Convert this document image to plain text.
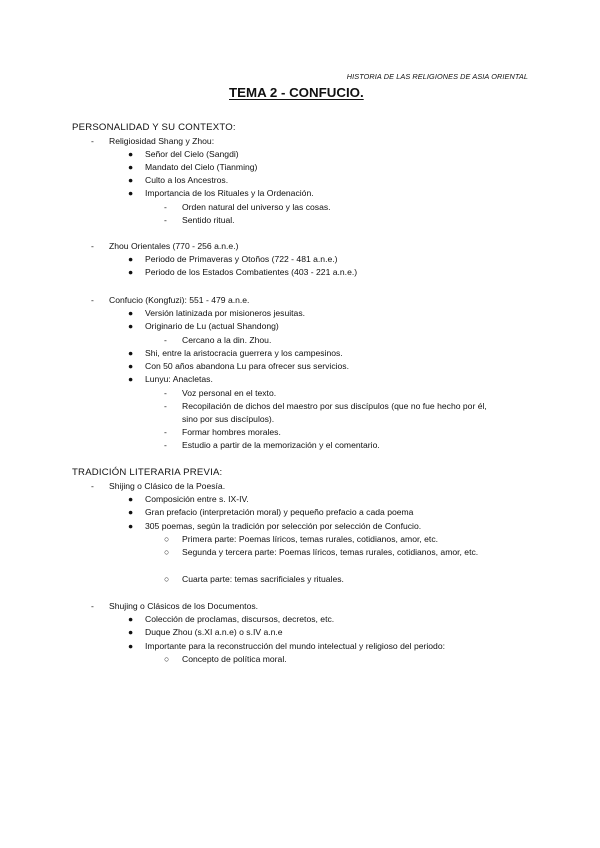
HISTORIA DE LAS RELIGIONES DE ASIA ORIENTAL
TEMA 2 - CONFUCIO.
PERSONALIDAD Y SU CONTEXTO:
- Religiosidad Shang y Zhou:
● Señor del Cielo (Sangdi)
● Mandato del Cielo (Tianming)
● Culto a los Ancestros.
● Importancia de los Rituales y la Ordenación.
- Orden natural del universo y las cosas.
- Sentido ritual.
- Zhou Orientales (770 - 256 a.n.e.)
● Periodo de Primaveras y Otoños (722 - 481 a.n.e.)
● Periodo de los Estados Combatientes (403 - 221 a.n.e.)
- Confucio (Kongfuzi): 551 - 479 a.n.e.
● Versión latinizada por misioneros jesuitas.
● Originario de Lu (actual Shandong)
- Cercano a la din. Zhou.
● Shi, entre la aristocracia guerrera y los campesinos.
● Con 50 años abandona Lu para ofrecer sus servicios.
● Lunyu: Anacletas.
- Voz personal en el texto.
- Recopilación de dichos del maestro por sus discípulos (que no fue hecho por él, sino por sus discípulos).
- Formar hombres morales.
- Estudio a partir de la memorización y el comentario.
TRADICIÓN LITERARIA PREVIA:
- Shijing o Clásico de la Poesía.
● Composición entre s. IX-IV.
● Gran prefacio (interpretación moral) y pequeño prefacio a cada poema
● 305 poemas, según la tradición por selección por selección de Confucio.
○ Primera parte: Poemas líricos, temas rurales, cotidianos, amor, etc.
○ Segunda y tercera parte: Poemas líricos, temas rurales, cotidianos, amor, etc.
○ Cuarta parte: temas sacrificiales y rituales.
- Shujing o Clásicos de los Documentos.
● Colección de proclamas, discursos, decretos, etc.
● Duque Zhou (s.XI a.n.e) o s.IV a.n.e
● Importante para la reconstrucción del mundo intelectual y religioso del periodo:
○ Concepto de política moral.
